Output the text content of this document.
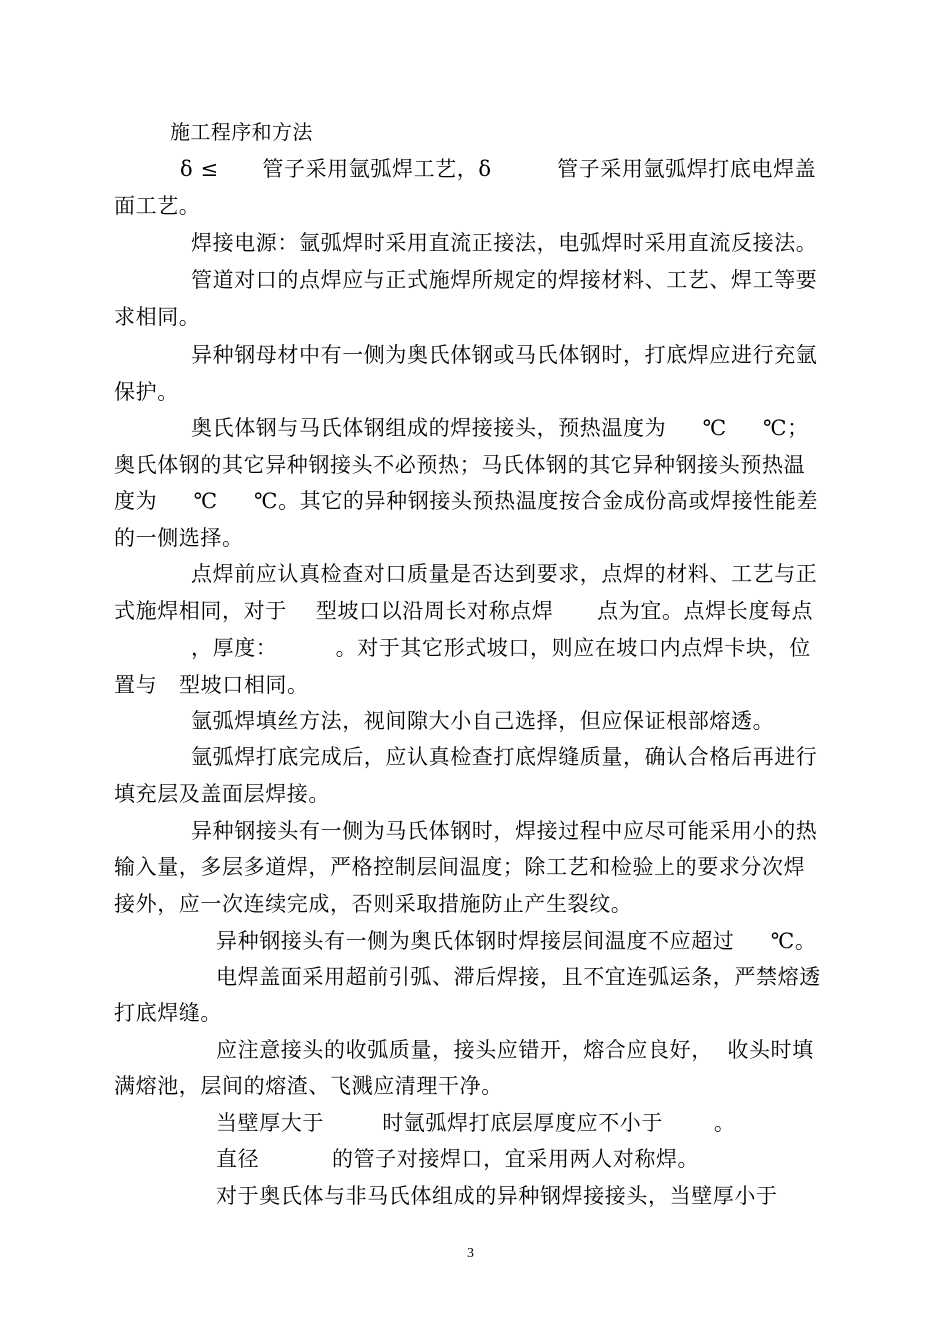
施工程序和方法
δ ≤      管子采用氩弧焊工艺，δ         管子采用氩弧焊打底电焊盖
面工艺。
焊接电源：氩弧焊时采用直流正接法，电弧焊时采用直流反接法。
管道对口的点焊应与正式施焊所规定的焊接材料、工艺、焊工等要
求相同。
异种钢母材中有一侧为奥氏体钢或马氏体钢时，打底焊应进行充氩
保护。
奥氏体钢与马氏体钢组成的焊接接头，预热温度为     ℃     ℃；
奥氏体钢的其它异种钢接头不必预热；马氏体钢的其它异种钢接头预热温
度为     ℃     ℃。其它的异种钢接头预热温度按合金成份高或焊接性能差
的一侧选择。
点焊前应认真检查对口质量是否达到要求，点焊的材料、工艺与正
式施焊相同，对于    型坡口以沿周长对称点焊      点为宜。点焊长度每点
，厚度：        。对于其它形式坡口，则应在坡口内点焊卡块，位
置与   型坡口相同。
氩弧焊填丝方法，视间隙大小自己选择，但应保证根部熔透。
氩弧焊打底完成后，应认真检查打底焊缝质量，确认合格后再进行
填充层及盖面层焊接。
异种钢接头有一侧为马氏体钢时，焊接过程中应尽可能采用小的热
输入量，多层多道焊，严格控制层间温度；除工艺和检验上的要求分次焊
接外，应一次连续完成，否则采取措施防止产生裂纹。
异种钢接头有一侧为奥氏体钢时焊接层间温度不应超过     ℃。
电焊盖面采用超前引弧、滞后焊接，且不宜连弧运条，严禁熔透
打底焊缝。
应注意接头的收弧质量，接头应错开，熔合应良好，  收头时填
满熔池，层间的熔渣、飞溅应清理干净。
当壁厚大于        时氩弧焊打底层厚度应不小于       。
直径          的管子对接焊口，宜采用两人对称焊。
对于奥氏体与非马氏体组成的异种钢焊接接头，当壁厚小于
3
